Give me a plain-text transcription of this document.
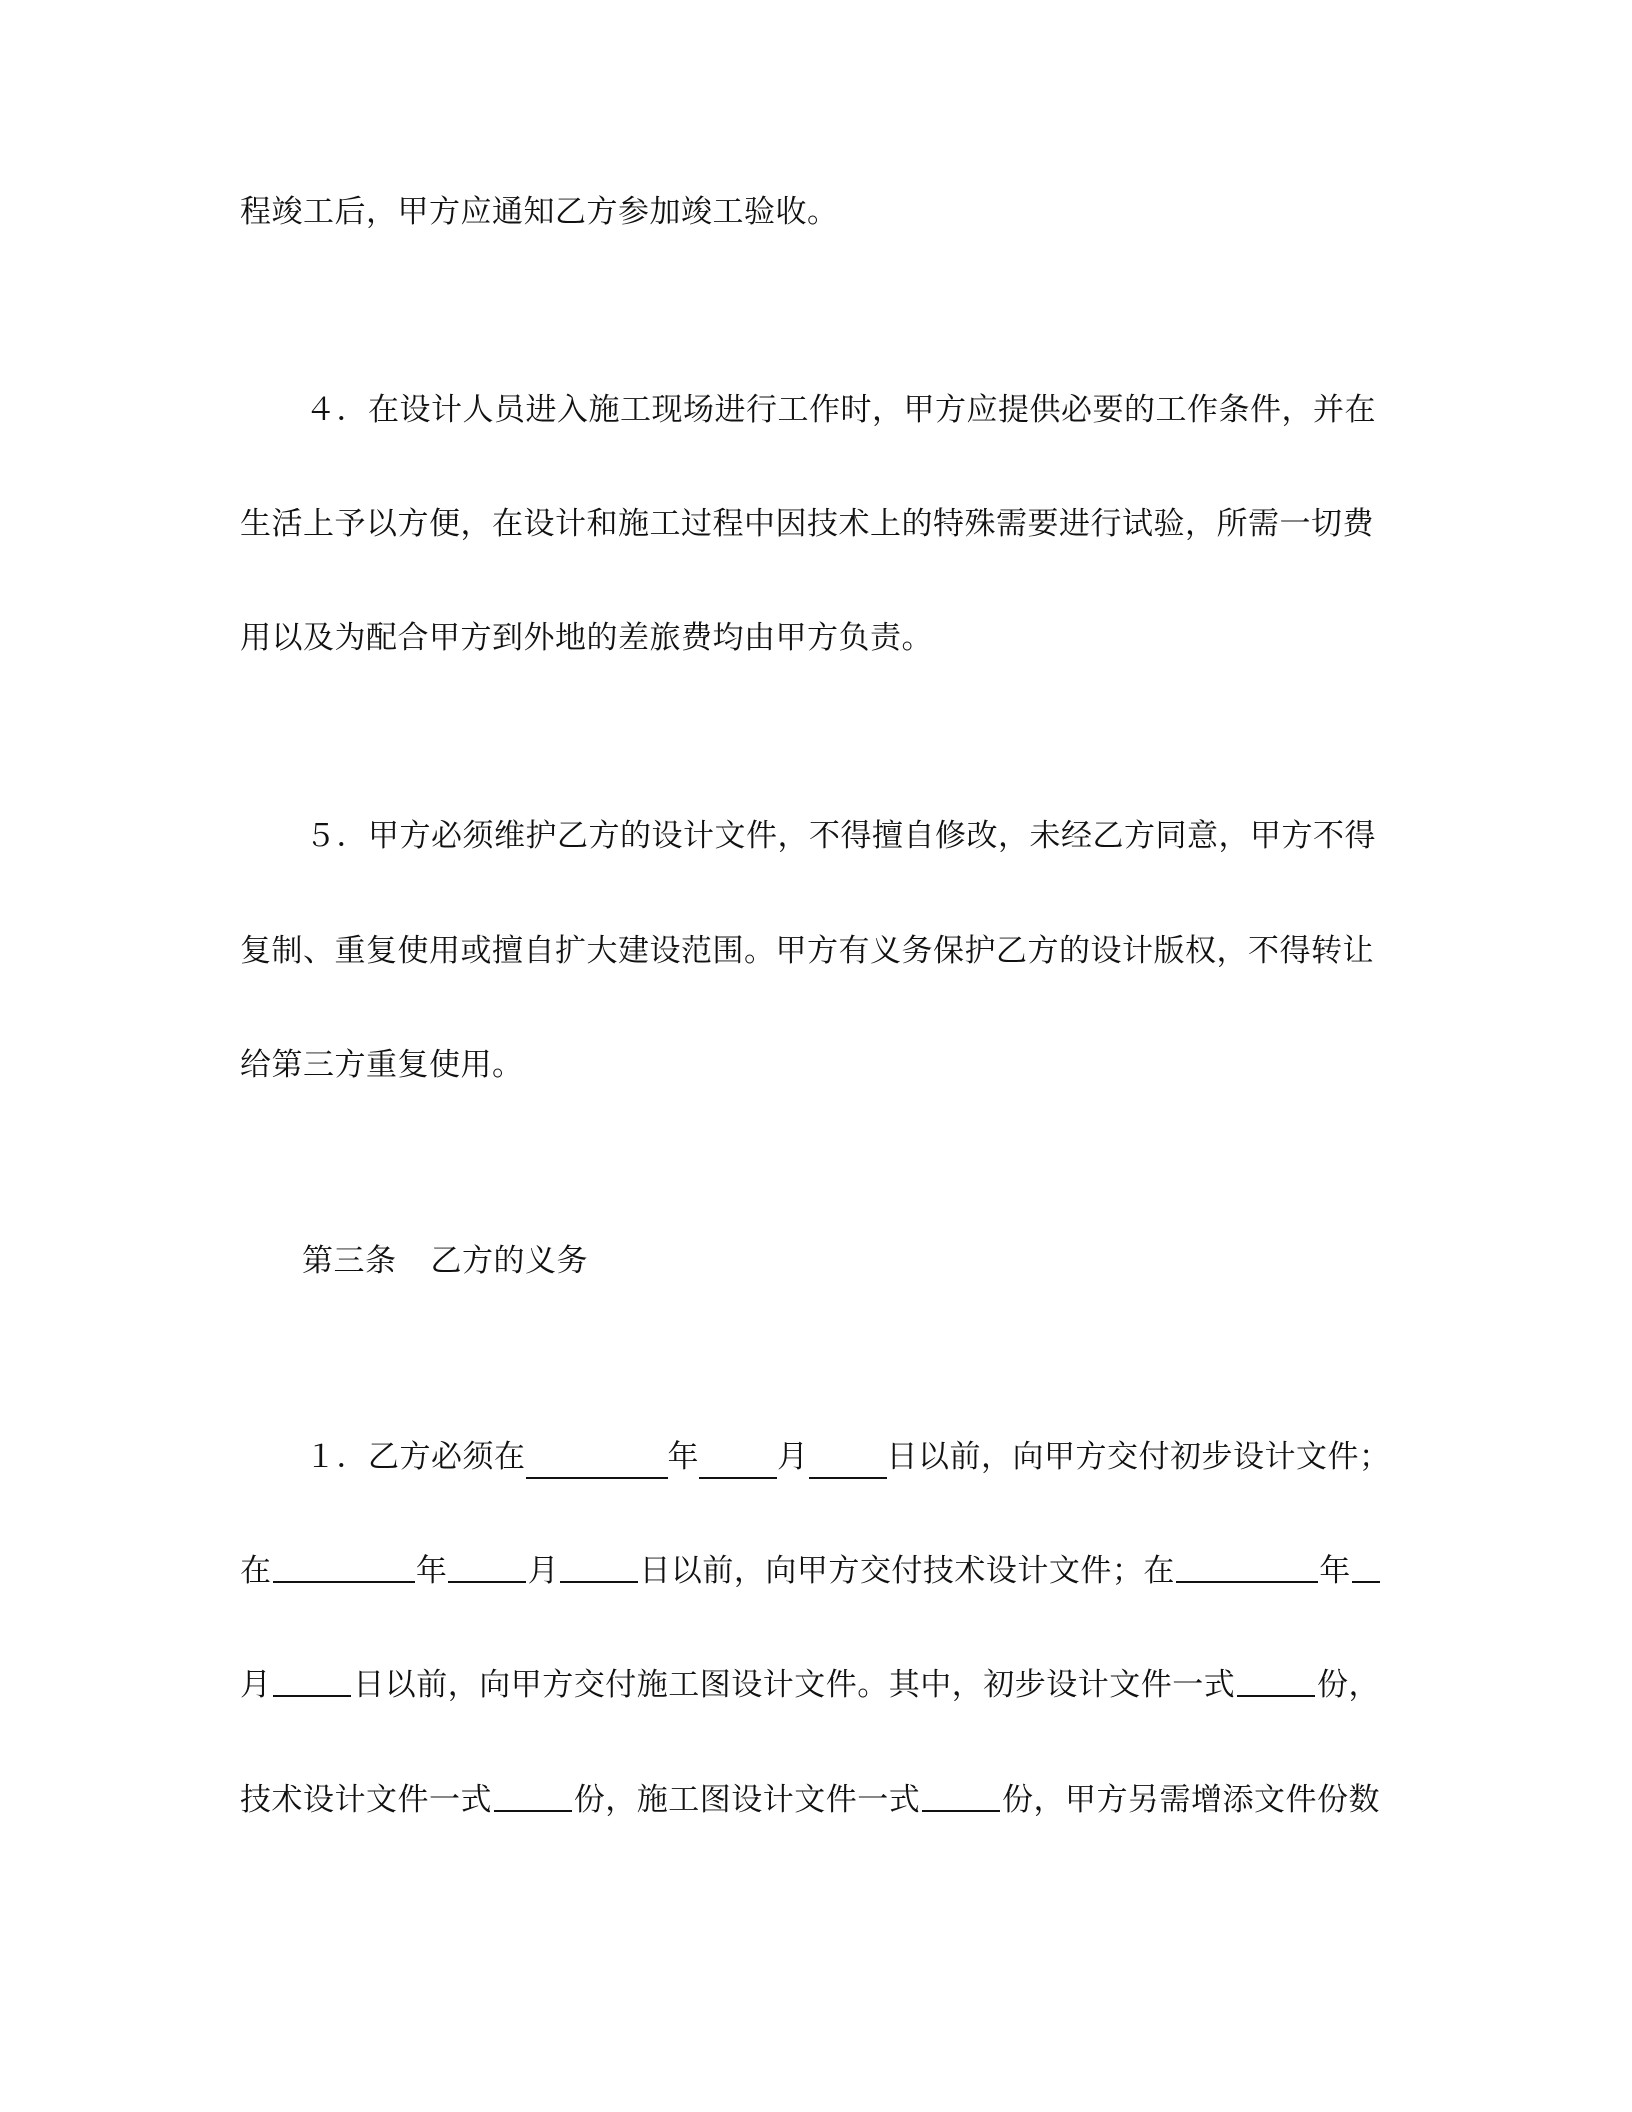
程竣工后，甲方应通知乙方参加竣工验收。
４．在设计人员进入施工现场进行工作时，甲方应提供必要的工作条件，并在
生活上予以方便，在设计和施工过程中因技术上的特殊需要进行试验，所需一切费
用以及为配合甲方到外地的差旅费均由甲方负责。
５．甲方必须维护乙方的设计文件，不得擅自修改，未经乙方同意，甲方不得
复制、重复使用或擅自扩大建设范围。甲方有义务保护乙方的设计版权，不得转让
给第三方重复使用。
第三条 乙方的义务
１．乙方必须在	年	月	日以前，向甲方交付初步设计文件；
在	年	月	日以前，向甲方交付技术设计文件；在	年
月	日以前，向甲方交付施工图设计文件。其中，初步设计文件一式	份，
技术设计文件一式	份，施工图设计文件一式	份，甲方另需增添文件份数
